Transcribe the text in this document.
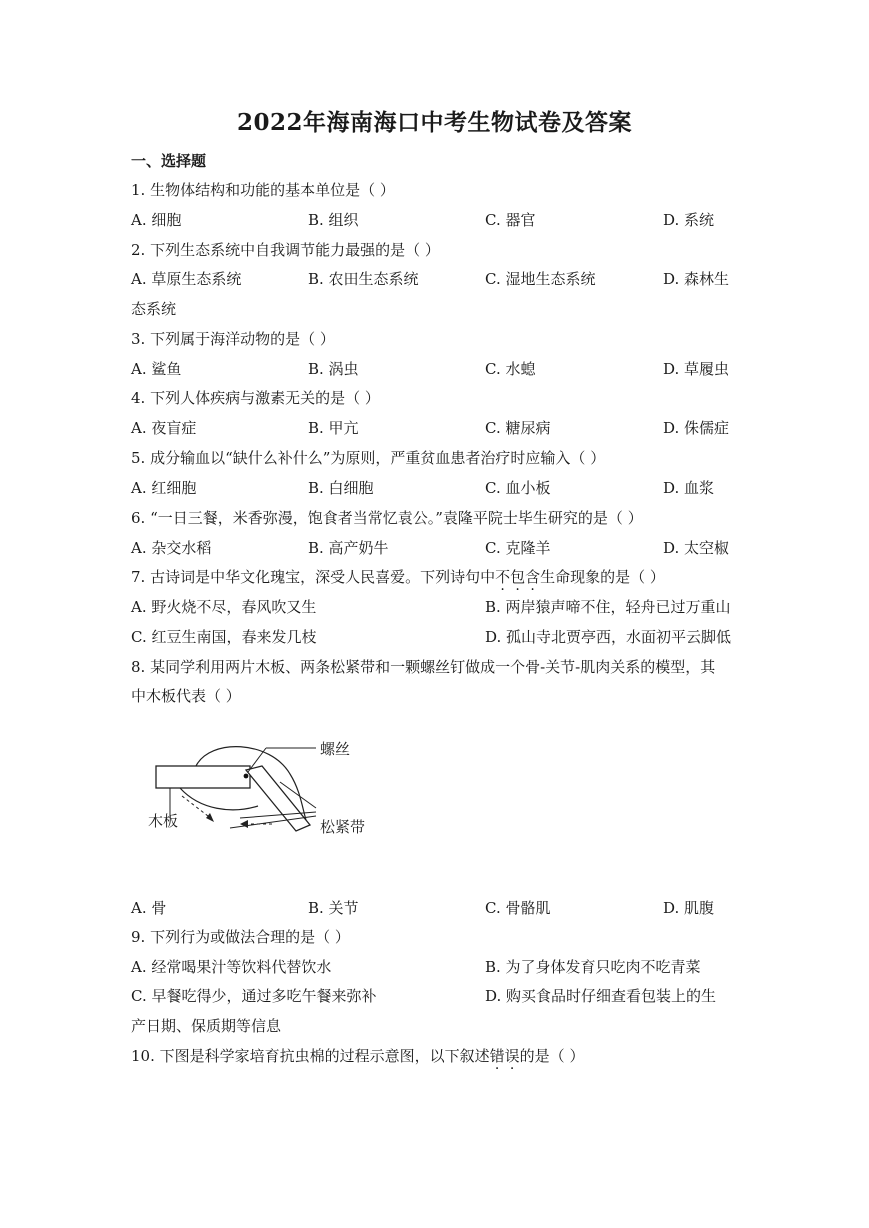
2022年海南海口中考生物试卷及答案
一、选择题
1. 生物体结构和功能的基本单位是（ ）
A. 细胞	B. 组织	C. 器官	D. 系统
2. 下列生态系统中自我调节能力最强的是（ ）
A. 草原生态系统	B. 农田生态系统	C. 湿地生态系统	D. 森林生
态系统
3. 下列属于海洋动物的是（ ）
A. 鲨鱼	B. 涡虫	C. 水螅	D. 草履虫
4. 下列人体疾病与激素无关的是（ ）
A. 夜盲症	B. 甲亢	C. 糖尿病	D. 侏儒症
5. 成分输血以“缺什么补什么”为原则，严重贫血患者治疗时应输入（ ）
A. 红细胞	B. 白细胞	C. 血小板	D. 血浆
6. “一日三餐，米香弥漫，饱食者当常忆袁公。”袁隆平院士毕生研究的是（ ）
A. 杂交水稻	B. 高产奶牛	C. 克隆羊	D. 太空椒
7. 古诗词是中华文化瑰宝，深受人民喜爱。下列诗句中不包含生命现象的是（ ）
A. 野火烧不尽，春风吹又生	B. 两岸猿声啼不住，轻舟已过万重山
C. 红豆生南国，春来发几枝	D. 孤山寺北贾亭西，水面初平云脚低
8. 某同学利用两片木板、两条松紧带和一颗螺丝钉做成一个骨-关节-肌肉关系的模型，其
中木板代表（ ）
螺丝
木板	松紧带
A. 骨	B. 关节	C. 骨骼肌	D. 肌腹
9. 下列行为或做法合理的是（ ）
A. 经常喝果汁等饮料代替饮水	B. 为了身体发育只吃肉不吃青菜
C. 早餐吃得少，通过多吃午餐来弥补	D. 购买食品时仔细查看包装上的生
产日期、保质期等信息
10. 下图是科学家培育抗虫棉的过程示意图，以下叙述错误的是（ ）
